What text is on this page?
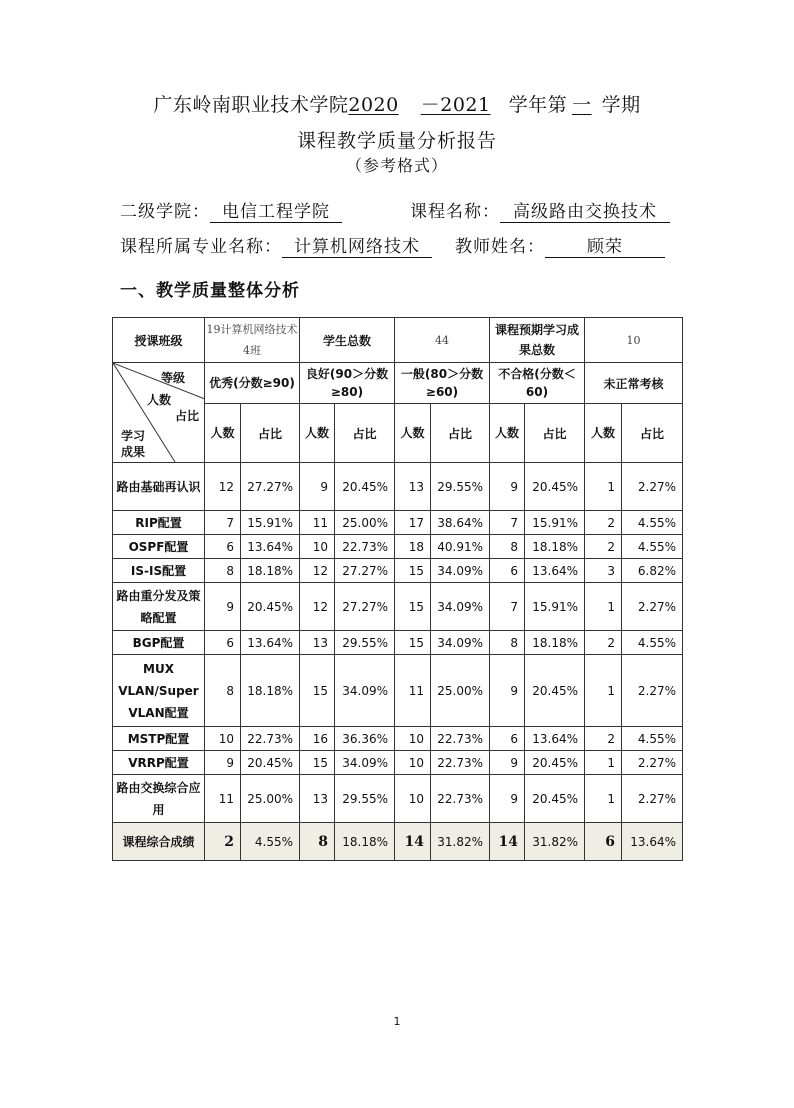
广东岭南职业技术学院2020 －2021 学年第 一 学期
课程教学质量分析报告
（参考格式）
二级学院： 电信工程学院	课程名称： 高级路由交换技术
课程所属专业名称： 计算机网络技术	教师姓名： 顾荣
一、教学质量整体分析
授课班级	19计算机网络技术4班		学生总数		44		课程预期学习成果总数		10	

等级
人数
占比
学习
成果	优秀(分数≥90)		良好(90＞分数≥80)		一般(80＞分数≥60)		不合格(分数＜60)		未正常考核	
	人数	占比	人数	占比	人数	占比	人数	占比	人数	占比
路由基础再认识	12	27.27%	9	20.45%	13	29.55%	9	20.45%	1	2.27%
RIP配置	7	15.91%	11	25.00%	17	38.64%	7	15.91%	2	4.55%
OSPF配置	6	13.64%	10	22.73%	18	40.91%	8	18.18%	2	4.55%
IS-IS配置	8	18.18%	12	27.27%	15	34.09%	6	13.64%	3	6.82%
路由重分发及策略配置	9	20.45%	12	27.27%	15	34.09%	7	15.91%	1	2.27%
BGP配置	6	13.64%	13	29.55%	15	34.09%	8	18.18%	2	4.55%
MUX VLAN/Super VLAN配置	8	18.18%	15	34.09%	11	25.00%	9	20.45%	1	2.27%
MSTP配置	10	22.73%	16	36.36%	10	22.73%	6	13.64%	2	4.55%
VRRP配置	9	20.45%	15	34.09%	10	22.73%	9	20.45%	1	2.27%
路由交换综合应用	11	25.00%	13	29.55%	10	22.73%	9	20.45%	1	2.27%
课程综合成绩	2	4.55%	8	18.18%	14	31.82%	14	31.82%	6	13.64%
1
